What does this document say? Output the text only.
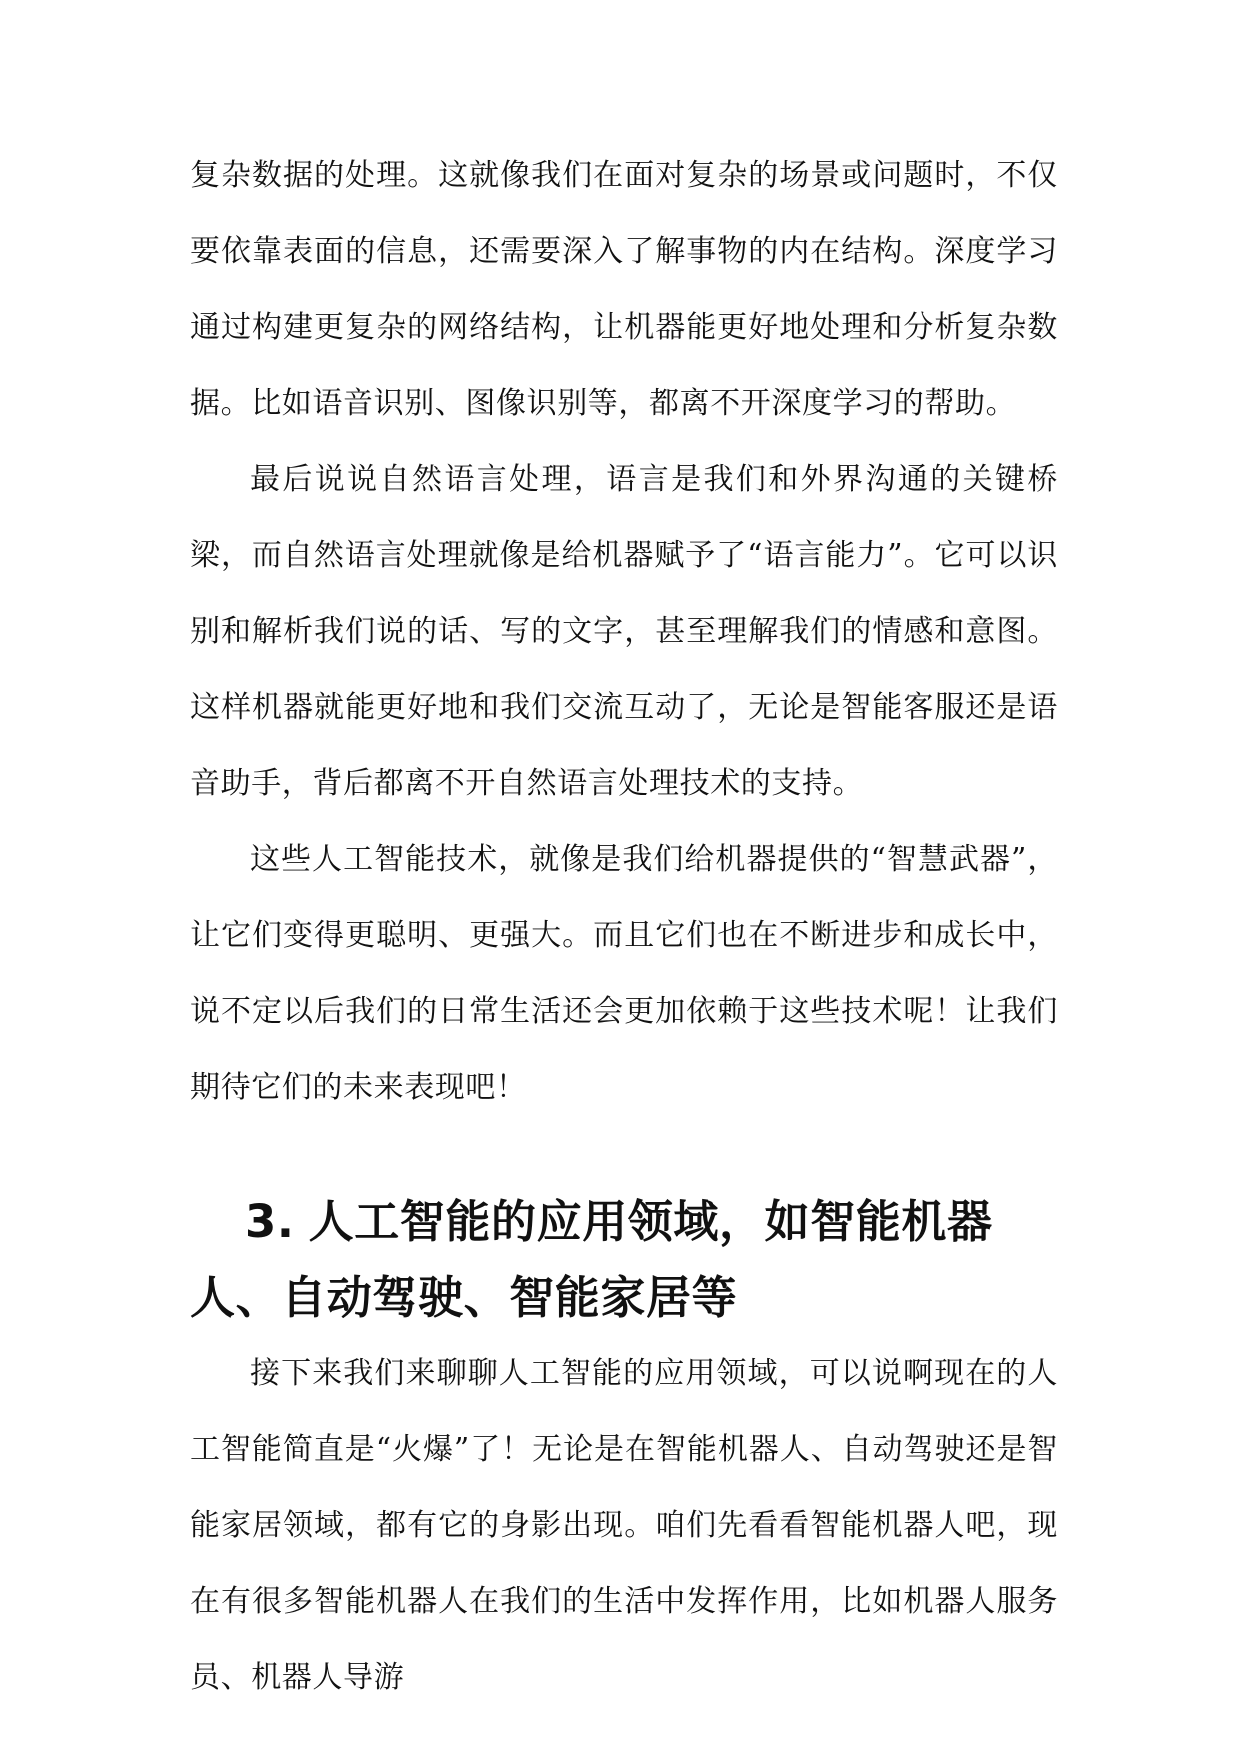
复杂数据的处理。这就像我们在面对复杂的场景或问题时，不仅要依靠表面的信息，还需要深入了解事物的内在结构。深度学习通过构建更复杂的网络结构，让机器能更好地处理和分析复杂数据。比如语音识别、图像识别等，都离不开深度学习的帮助。

最后说说自然语言处理，语言是我们和外界沟通的关键桥梁，而自然语言处理就像是给机器赋予了“语言能力”。它可以识别和解析我们说的话、写的文字，甚至理解我们的情感和意图。这样机器就能更好地和我们交流互动了，无论是智能客服还是语音助手，背后都离不开自然语言处理技术的支持。

这些人工智能技术，就像是我们给机器提供的“智慧武器”，让它们变得更聪明、更强大。而且它们也在不断进步和成长中，说不定以后我们的日常生活还会更加依赖于这些技术呢！让我们期待它们的未来表现吧！

3. 人工智能的应用领域，如智能机器人、自动驾驶、智能家居等

接下来我们来聊聊人工智能的应用领域，可以说啊现在的人工智能简直是“火爆”了！无论是在智能机器人、自动驾驶还是智能家居领域，都有它的身影出现。咱们先看看智能机器人吧，现在有很多智能机器人在我们的生活中发挥作用，比如机器人服务员、机器人导游
